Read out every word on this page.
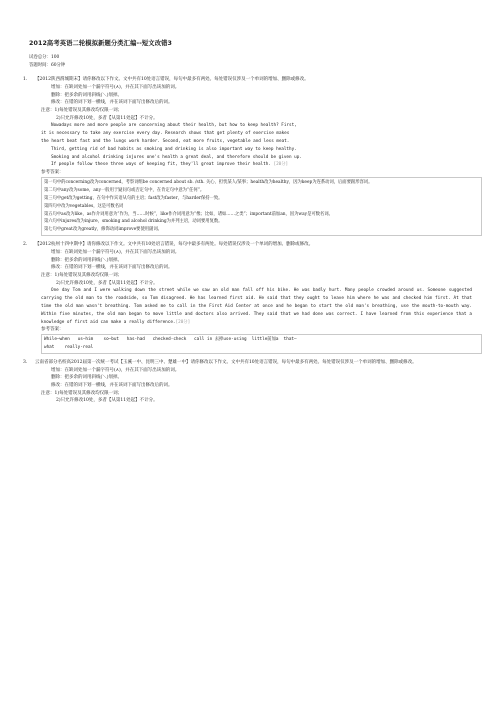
2012高考英语二轮模拟新题分类汇编--短文改错3
试卷总分：100
答题时间：60分钟
1.	【2012陕西渭城期末】请你修改以下作文。文中共有10处语言错误，每句中最多有两处。每处错误仅涉及一个单词的增加、删除或修改。
增加：在缺词处加一个漏字符号(∧)，并在其下面写出该加的词。
删除：把多余的词用斜线(＼)划掉。
修改：在错的词下划一横线，并在该词下面写出修改后的词。
注意：1)每处错误及其修改均仅限一词；
2)只允许修改10处，多者【从第11处起】不计分。
Nowadays more and more people are concerning about their health, but how to keep health? First,
it is necessary to take any exercise every day. Research shows that get plenty of exercise makes
the heart beat fast and the lungs work harder. Second, eat more fruits, vegetable and less meat.
Third, getting rid of bad habits as smoking and drinking is also important way to keep healthy.
Smoking and alcohol drinking injures one's health a great deal, and therefore should be given up.
If people follow these three ways of keeping fit, they'll great improve their health. [20分]
参考答案：
第一句中的concerning改为concerned，考察词组be concerned about sb. /sth. 关心、担忧某人/某事；health改为healthy，因为keep为连系动词，后面要跟形容词。
第二句中any改为some，any一般用于疑问句或否定句中，在肯定句中意为“任何”。
第三句中get改为getting，在句中作宾语从句的主语；fast改为faster，与harder保持一致。
第四句中改为vegetables，这是可数名词
第五句中as改为like，as作介词用意为“作为，当……时候”，like作介词用意为“像；比如，诸如……之类”；important前加an，因为way是可数名词。
第六句中injures改为injure，smoking and alcohol drinking为并列主语，动词要用复数。
第七句中great改为greatly，修饰动词improve要使用副词。
2.	【2012杭州十四中期中】请你修改以下作文。文中共有10处语言错误，每句中最多有两处。每处错误仅涉及一个单词的增加、删除或修改。
增加：在缺词处加一个漏字符号(∧)，并在其下面写出该加的词。
删除：把多余的词用斜线(＼)划掉。
修改：在错的词下划一横线，并在该词下面写出修改后的词。
注意：1)每处错误及其修改均仅限一词；
2)只允许修改10处，多者【从第11处起】不计分。
One day Tom and I were walking down the street while we saw an old man fall off his bike. He was badly hurt. Many people crowded around us. Someone suggested carrying the old man to the roadside, so Tom disagreed. He has learned first aid. He said that they ought to leave him where he was and checked him first. At that time the old man wasn't breathing. Tom asked me to call in the First Aid Center at once and he began to start the old man's breathing, use the mouth-to-mouth way. Within five minutes, the old man began to move little and doctors also arrived. They said that we had done was correct. I have learned from this experience that a knowledge of first aid can make a really difference.[20分]
参考答案：
While—when   us—him    so—but   has-had   checked-check   call in 去掉use-using  little前加a  that—
what    really-real
3.	云南省部分名校高2012届第一次统一考试【玉溪一中、昆明三中、楚雄一中】请你修改以下作文。文中共有10处语言错误，每句中最多有两处。每处错误仅涉及一个单词的增加、删除或修改。
增加：在缺词处加一个漏字符号(∧)，并在其下面写出该加的词。
删除：把多余的词用斜线(＼)划掉。
修改：在错的词下划一横线，并在该词下面写出修改后的词。
注意：1)每处错误及其修改均仅限一词；
2)只允许修改10处，多者【从第11处起】不计分。
